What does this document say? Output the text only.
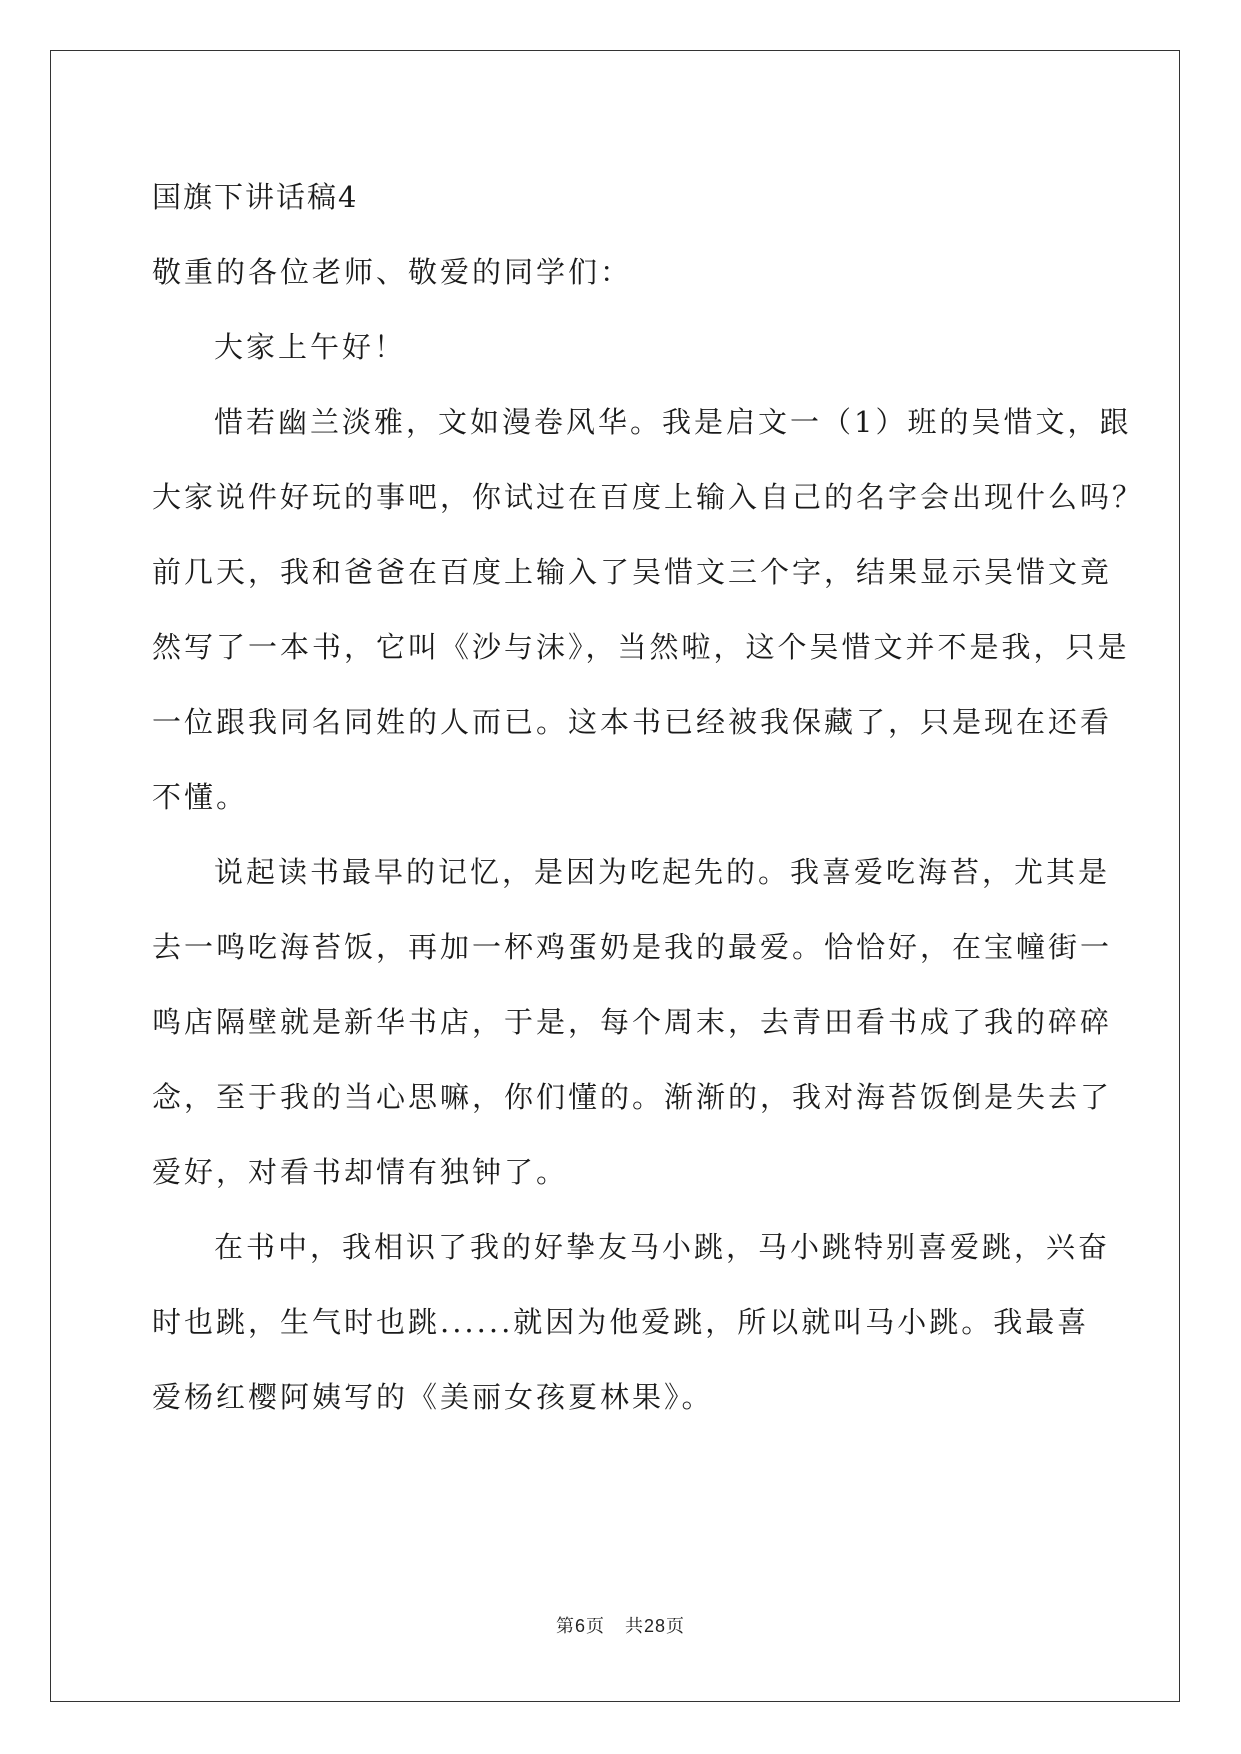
国旗下讲话稿4
敬重的各位老师、敬爱的同学们：
大家上午好！
惜若幽兰淡雅，文如漫卷风华。我是启文一（1）班的吴惜文，跟
大家说件好玩的事吧，你试过在百度上输入自己的名字会出现什么吗？
前几天，我和爸爸在百度上输入了吴惜文三个字，结果显示吴惜文竟
然写了一本书，它叫《沙与沫》，当然啦，这个吴惜文并不是我，只是
一位跟我同名同姓的人而已。这本书已经被我保藏了，只是现在还看
不懂。
说起读书最早的记忆，是因为吃起先的。我喜爱吃海苔，尤其是
去一鸣吃海苔饭，再加一杯鸡蛋奶是我的最爱。恰恰好，在宝幢街一
鸣店隔壁就是新华书店，于是，每个周末，去青田看书成了我的碎碎
念，至于我的当心思嘛，你们懂的。渐渐的，我对海苔饭倒是失去了
爱好，对看书却情有独钟了。
在书中，我相识了我的好挚友马小跳，马小跳特别喜爱跳，兴奋
时也跳，生气时也跳......就因为他爱跳，所以就叫马小跳。我最喜
爱杨红樱阿姨写的《美丽女孩夏林果》。
第6页 共28页
